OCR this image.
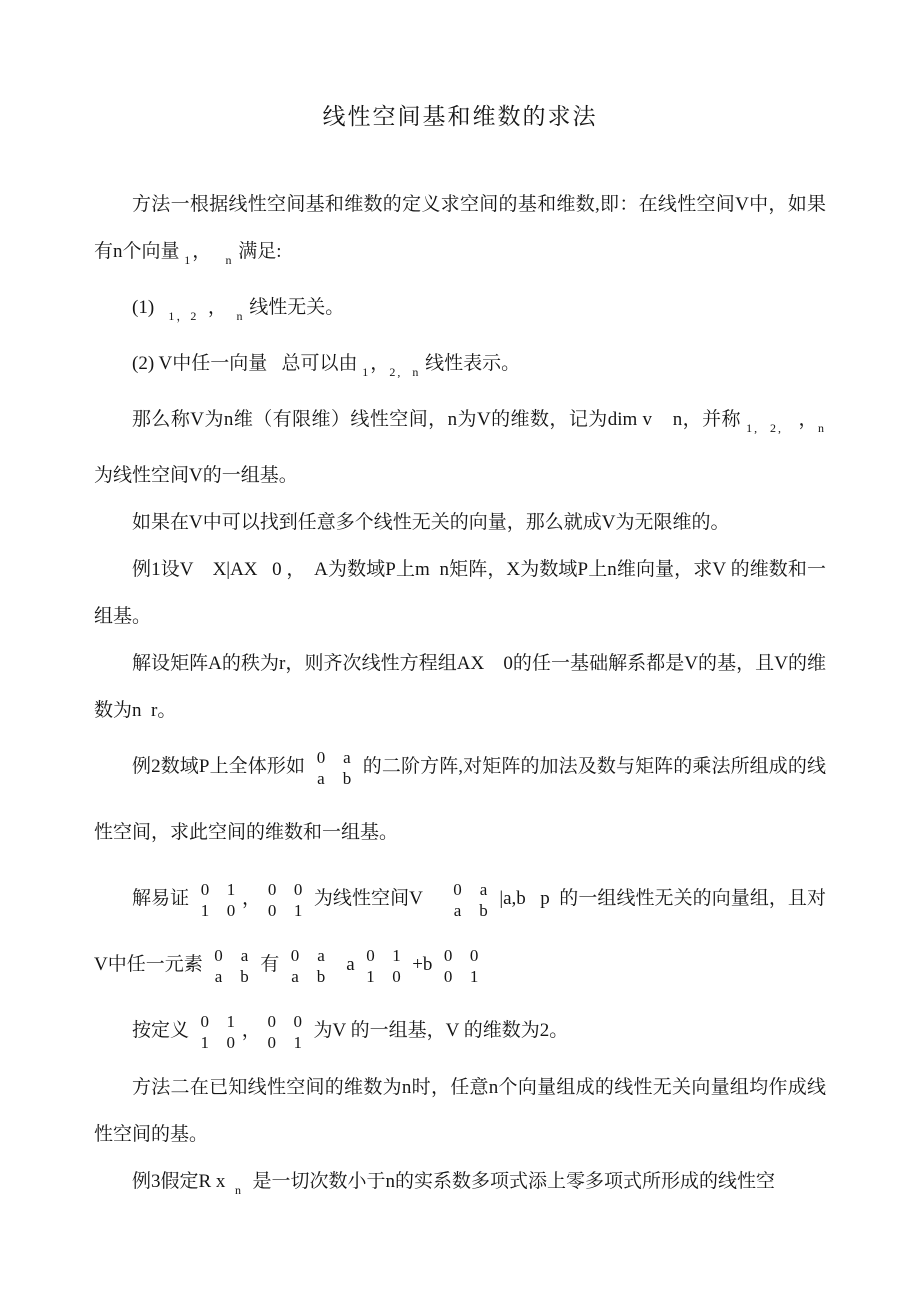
线性空间基和维数的求法

方法一根据线性空间基和维数的定义求空间的基和维数,即：在线性空间V中，如果有n个向量 $_1$，   $_n$ 满足:

(1)   $_{1,2}$  ，  $_n$ 线性无关。

(2) V中任一向量   总可以由 $_1$，$_{2, n}$ 线性表示。

那么称V为n维（有限维）线性空间，n为V的维数，记为dim v    n，并称 $_{1, 2,}$   ，$_n$ 为线性空间V的一组基。

如果在V中可以找到任意多个线性无关的向量，那么就成V为无限维的。

例1设V    X|AX   0 ，  A为数域P上m  n矩阵，X为数域P上n维向量，求V 的维数和一组基。

解设矩阵A的秩为r，则齐次线性方程组AX    0的任一基础解系都是V的基，且V的维数为n  r。

例2数域P上全体形如 0 a
a b
的二阶方阵,对矩阵的加法及数与矩阵的乘法所组成的线性空间，求此空间的维数和一组基。

解易证 0 1
1 0
， 0 0
0 1
为线性空间V 0 a
a b
|a,b   p  的一组线性无关的向量组，且对V中任一元素 0 a
a b
有 0 a
a b
a 0 1
1 0
+b 0 0
0 1

按定义 0 1
1 0
， 0 0
0 1
为V 的一组基，V 的维数为2。

方法二在已知线性空间的维数为n时，任意n个向量组成的线性无关向量组均作成线性空间的基。

例3假定R x  $_n$  是一切次数小于n的实系数多项式添上零多项式所形成的线性空
